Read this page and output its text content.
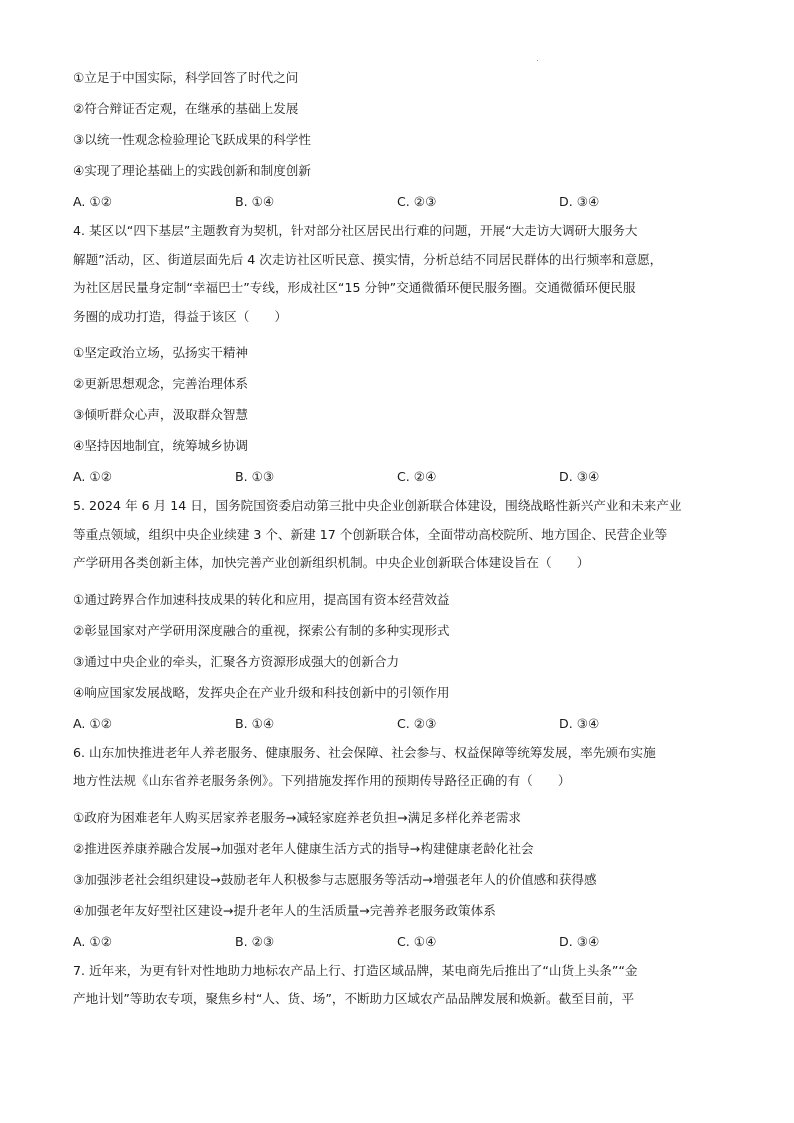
①立足于中国实际，科学回答了时代之问
②符合辩证否定观，在继承的基础上发展
③以统一性观念检验理论飞跃成果的科学性
④实现了理论基础上的实践创新和制度创新
A. ①②	B. ①④	C. ②③	D. ③④
4. 某区以“四下基层”主题教育为契机，针对部分社区居民出行难的问题，开展“大走访大调研大服务大
解题”活动，区、街道层面先后 4 次走访社区听民意、摸实情，分析总结不同居民群体的出行频率和意愿，
为社区居民量身定制“幸福巴士”专线，形成社区“15 分钟”交通微循环便民服务圈。交通微循环便民服
务圈的成功打造，得益于该区（　　）
①坚定政治立场，弘扬实干精神
②更新思想观念，完善治理体系
③倾听群众心声，汲取群众智慧
④坚持因地制宜，统筹城乡协调
A. ①②	B. ①③	C. ②④	D. ③④
5. 2024 年 6 月 14 日，国务院国资委启动第三批中央企业创新联合体建设，围绕战略性新兴产业和未来产业
等重点领域，组织中央企业续建 3 个、新建 17 个创新联合体，全面带动高校院所、地方国企、民营企业等
产学研用各类创新主体，加快完善产业创新组织机制。中央企业创新联合体建设旨在（　　）
①通过跨界合作加速科技成果的转化和应用，提高国有资本经营效益
②彰显国家对产学研用深度融合的重视，探索公有制的多种实现形式
③通过中央企业的牵头，汇聚各方资源形成强大的创新合力
④响应国家发展战略，发挥央企在产业升级和科技创新中的引领作用
A. ①②	B. ①④	C. ②③	D. ③④
6. 山东加快推进老年人养老服务、健康服务、社会保障、社会参与、权益保障等统筹发展，率先颁布实施
地方性法规《山东省养老服务条例》。下列措施发挥作用的预期传导路径正确的有（　　）
①政府为困难老年人购买居家养老服务→减轻家庭养老负担→满足多样化养老需求
②推进医养康养融合发展→加强对老年人健康生活方式的指导→构建健康老龄化社会
③加强涉老社会组织建设→鼓励老年人积极参与志愿服务等活动→增强老年人的价值感和获得感
④加强老年友好型社区建设→提升老年人的生活质量→完善养老服务政策体系
A. ①②	B. ②③	C. ①④	D. ③④
7. 近年来，为更有针对性地助力地标农产品上行、打造区域品牌，某电商先后推出了“山货上头条”“金
产地计划”等助农专项，聚焦乡村“人、货、场”，不断助力区域农产品品牌发展和焕新。截至目前，平
